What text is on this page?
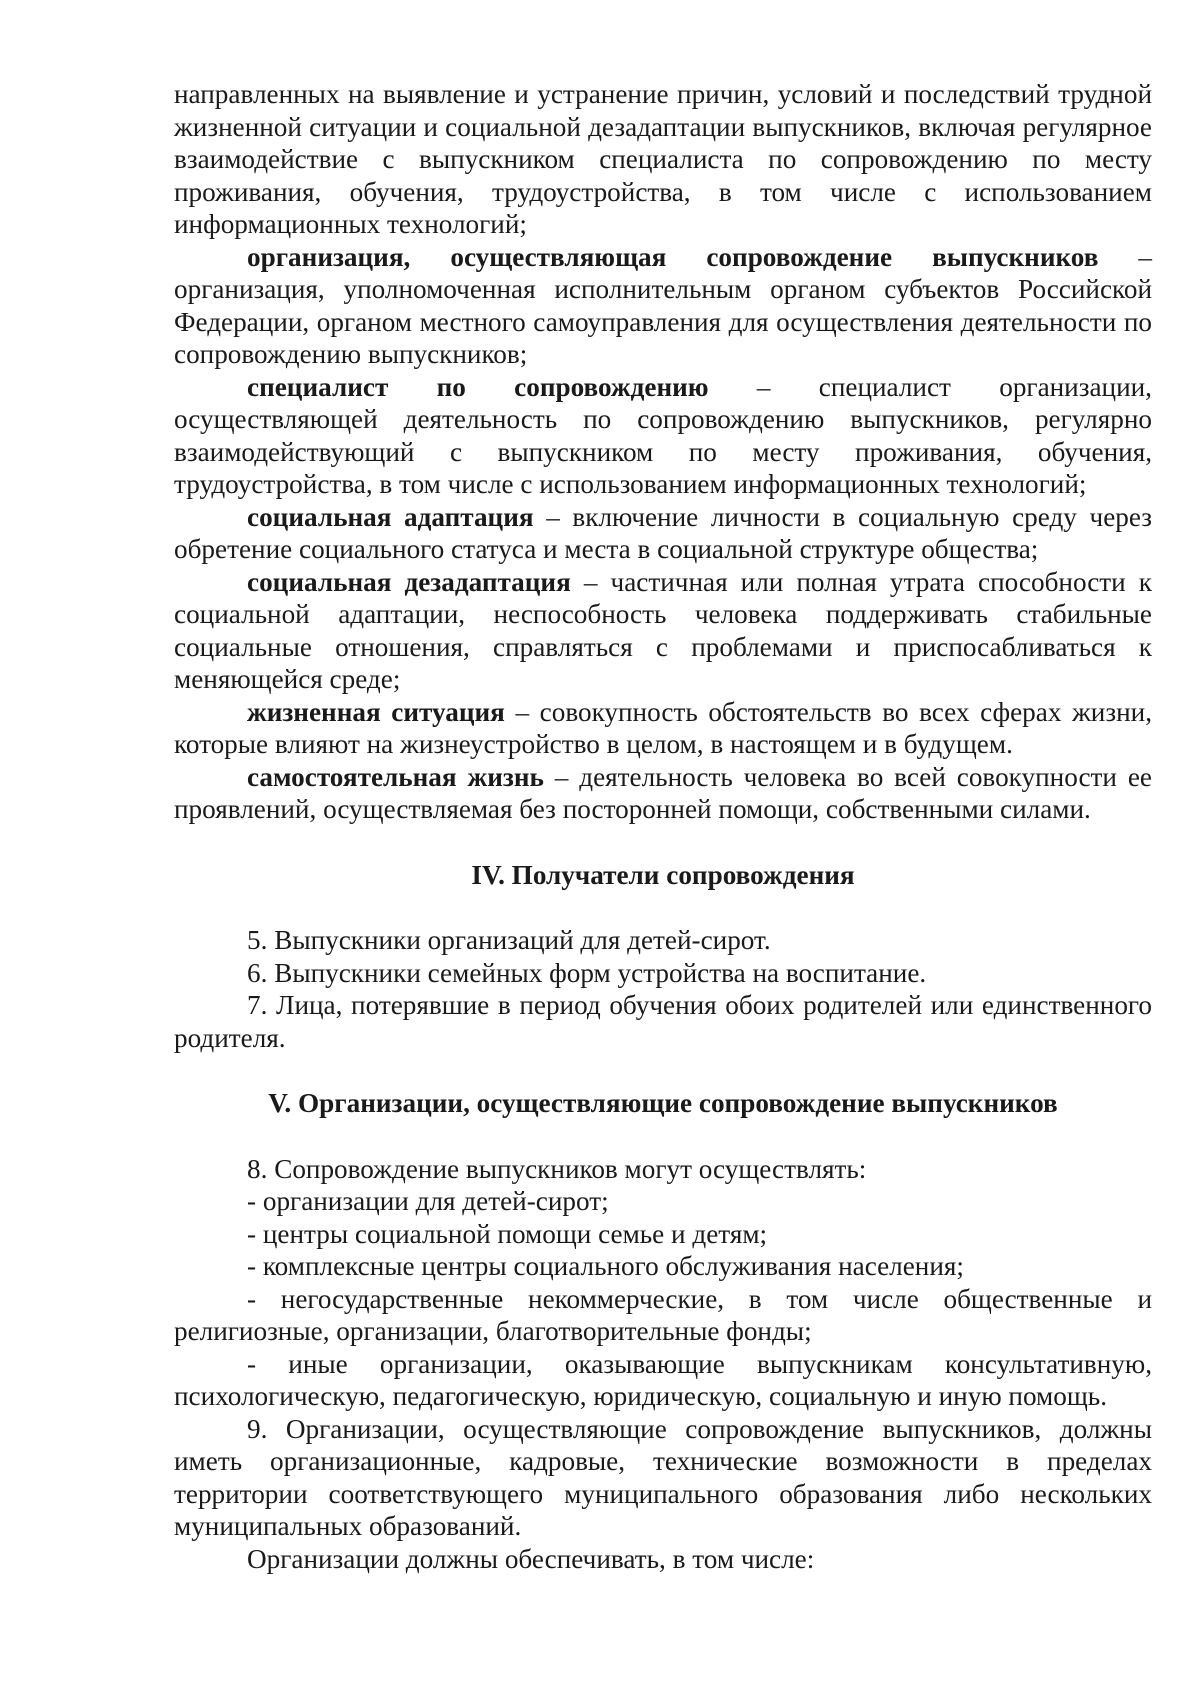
направленных на выявление и устранение причин, условий и последствий трудной жизненной ситуации и социальной дезадаптации выпускников, включая регулярное взаимодействие с выпускником специалиста по сопровождению по месту проживания, обучения, трудоустройства, в том числе с использованием информационных технологий;

организация, осуществляющая сопровождение выпускников – организация, уполномоченная исполнительным органом субъектов Российской Федерации, органом местного самоуправления для осуществления деятельности по сопровождению выпускников;

специалист по сопровождению – специалист организации, осуществляющей деятельность по сопровождению выпускников, регулярно взаимодействующий с выпускником по месту проживания, обучения, трудоустройства, в том числе с использованием информационных технологий;

социальная адаптация – включение личности в социальную среду через обретение социального статуса и места в социальной структуре общества;

социальная дезадаптация – частичная или полная утрата способности к социальной адаптации, неспособность человека поддерживать стабильные социальные отношения, справляться с проблемами и приспосабливаться к меняющейся среде;

жизненная ситуация – совокупность обстоятельств во всех сферах жизни, которые влияют на жизнеустройство в целом, в настоящем и в будущем.

самостоятельная жизнь – деятельность человека во всей совокупности ее проявлений, осуществляемая без посторонней помощи, собственными силами.

IV. Получатели сопровождения

5. Выпускники организаций для детей-сирот.

6. Выпускники семейных форм устройства на воспитание.

7. Лица, потерявшие в период обучения обоих родителей или единственного родителя.

V. Организации, осуществляющие сопровождение выпускников

8. Сопровождение выпускников могут осуществлять:

- организации для детей-сирот;

- центры социальной помощи семье и детям;

- комплексные центры социального обслуживания населения;

- негосударственные некоммерческие, в том числе общественные и религиозные, организации, благотворительные фонды;

- иные организации, оказывающие выпускникам консультативную, психологическую, педагогическую, юридическую, социальную и иную помощь.

9. Организации, осуществляющие сопровождение выпускников, должны иметь организационные, кадровые, технические возможности в пределах территории соответствующего муниципального образования либо нескольких муниципальных образований.

Организации должны обеспечивать, в том числе:
